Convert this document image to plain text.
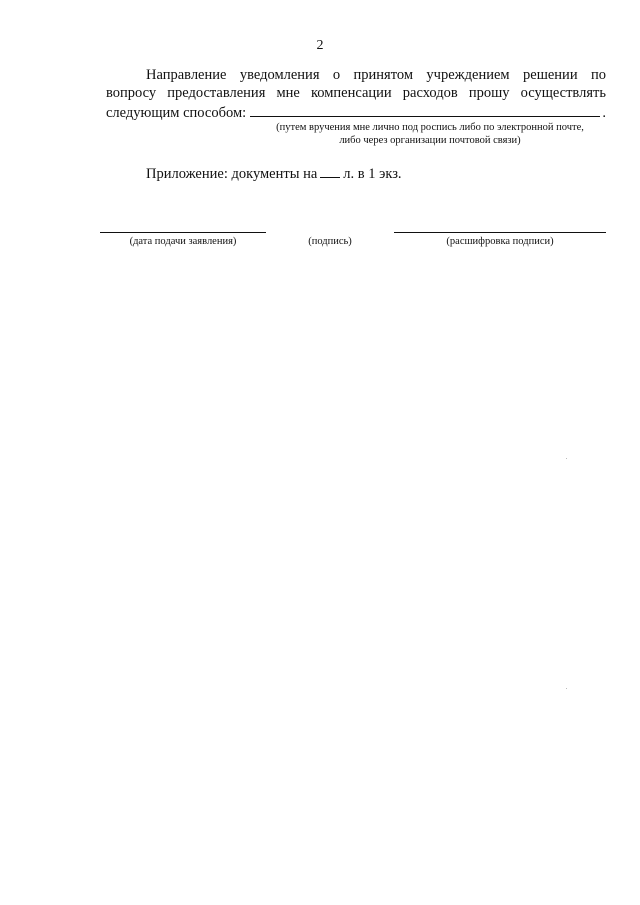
2
Направление уведомления о принятом учреждением решении по
вопросу предоставления мне компенсации расходов прошу осуществлять
следующим способом:	.
(путем вручения мне лично под роспись либо по электронной почте,
либо через организации почтовой связи)
Приложение: документы на л. в 1 экз.
(дата подачи заявления)	(подпись)	(расшифровка подписи)
